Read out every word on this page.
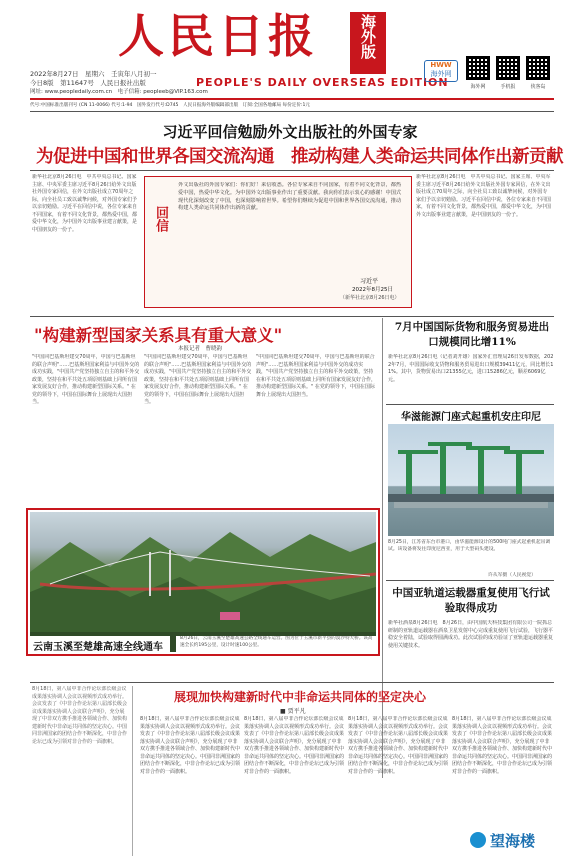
人民日报	海外版
PEOPLE'S DAILY OVERSEAS EDITION
2022年8月27日　星期六　壬寅年八月初一
今日8版　第11647号　人民日报社出版
网址: www.peopledaily.com.cn　电子信箱: peopleeb@VIP.163.com
HWW
海外网
海外网	手机报	侠客岛
代号:中国标准出版刊号 (CN 11-0066) 代号:1-94　国外发行代号:D745　人民日报海外版编辑部出版　订阅:全国各地邮局 每份定价:1元
习近平回信勉励外文出版社的外国专家
为促进中国和世界各国交流沟通　推动构建人类命运共同体作出新贡献
新华社北京8月26日电　中共中央总书记、国家主席、中央军委主席习近平8月26日给外文出版社外国专家回信，在外文出版社成立70周年之际，向全社员工致以诚挚问候，对外国专家们予以亲切勉励。习近平在回信中说，各位专家来自不同国家，有着不同文化背景，都热爱中国，都爱中华文化，为中国外文出版事业建言献策，是中国朋友的一份子。	回信
外文出版社的外国专家们：你们好！来信收悉。各位专家来自不同国家，有着不同文化背景，都热爱中国，热爱中华文化。为中国外文出版事业作出了重要贡献。我向你们表示衷心的感谢！中国式现代化深刻改变了中国，也深刻影响着世界。希望你们继续为促进中国和世界各国交流沟通，推动构建人类命运共同体作出新的贡献。
习近平
2022年8月25日
（新华社北京8月26日电）
新华社北京8月26日电　中共中央总书记、国家主席、中央军委主席习近平8月26日给外文出版社外国专家回信，在外文出版社成立70周年之际，向全社员工致以诚挚问候，对外国专家们予以亲切勉励。习近平在回信中说，各位专家来自不同国家，有着不同文化背景，都热爱中国，都爱中华文化，为中国外文出版事业建言献策，是中国朋友的一份子。
"构建新型国家关系具有重大意义"
本报记者　曹晓韵
"中国同巴基斯坦建交70周年，中国与巴基斯坦的联合声明"……巴基斯坦国家利益与中国外交的成功实践，"中国共产党坚持独立自主的和平外交政策，坚持在和平共处五项原则基础上同所有国家发展友好合作，推动构建新型国际关系。" 在党的领导下，中国在国际舞台上展现出大国担当。
"中国同巴基斯坦建交70周年，中国与巴基斯坦的联合声明"……巴基斯坦国家利益与中国外交的成功实践，"中国共产党坚持独立自主的和平外交政策，坚持在和平共处五项原则基础上同所有国家发展友好合作，推动构建新型国际关系。" 在党的领导下，中国在国际舞台上展现出大国担当。
"中国同巴基斯坦建交70周年，中国与巴基斯坦的联合声明"……巴基斯坦国家利益与中国外交的成功实践，"中国共产党坚持独立自主的和平外交政策，坚持在和平共处五项原则基础上同所有国家发展友好合作，推动构建新型国际关系。" 在党的领导下，中国在国际舞台上展现出大国担当。
7月中国国际货物和服务贸易进出口规模同比增11%
新华社北京8月26日电（记者刘开雄）国家外汇管理局26日发布数据，2022年7月，中国国际收支货物和服务贸易进出口规模39411亿元，同比增长11%。其中，货物贸易出口21355亿元，进口15286亿元，顺差6069亿元。
华滋能源门座式起重机安庄印尼
8月25日，江苏省东台市港口，由华滋能源设计的500吨门座式起重机起吊调试。该设备将发往印度尼西亚，用于大型码头建设。
许从军摄（人民视觉）
云南玉溪至楚雄高速全线通车
8月26日，云南玉溪至楚雄高速公路全线通车运营。图为位于玉溪市新平县的漠沙特大桥。该高速全长约195公里，设计时速100公里。
中国亚轨道运载器重复使用飞行试验取得成功
新华社酒泉8月26日电　8月26日，由中国航天科技集团有限公司一院抓总研制的亚轨道运载器在酒泉卫星发射中心完成重复使用飞行试验，飞行器平稳安全着陆，试验取得圆满成功。此次试验的成功验证了亚轨道运载器重复使用关键技术。
8月18日，第八届中非合作论坛部长级会议成果落实协调人会议以视频形式成功举行。会议发表了《中非合作论坛第八届部长级会议成果落实协调人会议联合声明》，充分展现了中非双方携手推进各领域合作、加快构建新时代中非命运共同体的坚定决心。中国同非洲国家的团结合作不断深化，中非合作论坛已成为引领对非合作的一面旗帜。
展现加快构建新时代中非命运共同体的坚定决心
■ 贾平凡
8月18日，第八届中非合作论坛部长级会议成果落实协调人会议以视频形式成功举行。会议发表了《中非合作论坛第八届部长级会议成果落实协调人会议联合声明》，充分展现了中非双方携手推进各领域合作、加快构建新时代中非命运共同体的坚定决心。中国同非洲国家的团结合作不断深化，中非合作论坛已成为引领对非合作的一面旗帜。
8月18日，第八届中非合作论坛部长级会议成果落实协调人会议以视频形式成功举行。会议发表了《中非合作论坛第八届部长级会议成果落实协调人会议联合声明》，充分展现了中非双方携手推进各领域合作、加快构建新时代中非命运共同体的坚定决心。中国同非洲国家的团结合作不断深化，中非合作论坛已成为引领对非合作的一面旗帜。
8月18日，第八届中非合作论坛部长级会议成果落实协调人会议以视频形式成功举行。会议发表了《中非合作论坛第八届部长级会议成果落实协调人会议联合声明》，充分展现了中非双方携手推进各领域合作、加快构建新时代中非命运共同体的坚定决心。中国同非洲国家的团结合作不断深化，中非合作论坛已成为引领对非合作的一面旗帜。
8月18日，第八届中非合作论坛部长级会议成果落实协调人会议以视频形式成功举行。会议发表了《中非合作论坛第八届部长级会议成果落实协调人会议联合声明》，充分展现了中非双方携手推进各领域合作、加快构建新时代中非命运共同体的坚定决心。中国同非洲国家的团结合作不断深化，中非合作论坛已成为引领对非合作的一面旗帜。
望海楼
